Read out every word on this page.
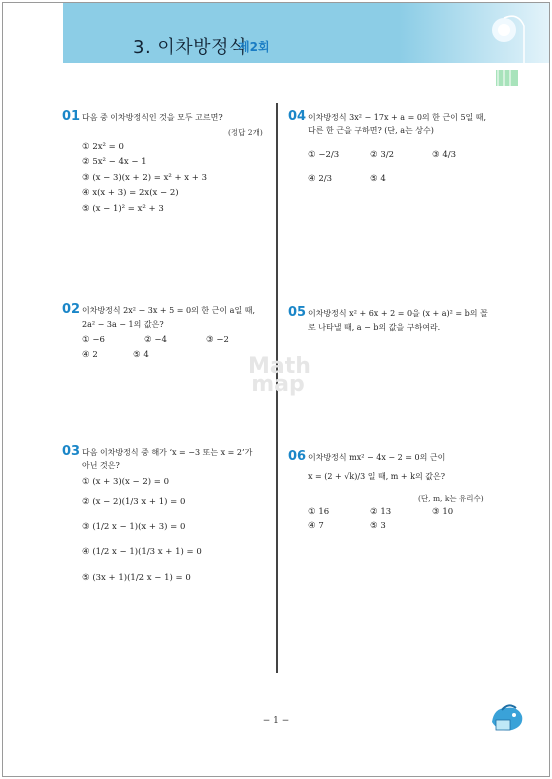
3. 이차방정식
제2회
01 다음 중 이차방정식인 것을 모두 고르면?
(정답 2개)
① 2x² = 0
② 5x² − 4x − 1
③ (x − 3)(x + 2) = x² + x + 3
④ x(x + 3) = 2x(x − 2)
⑤ (x − 1)² = x² + 3
02 이차방정식 2x² − 3x + 5 = 0의 한 근이 a일 때,
2a² − 3a − 1의 값은?
① −6	② −4	③ −2
④ 2	⑤ 4
03 다음 이차방정식 중 해가 ‘x = −3 또는 x = 2’가
아닌 것은?
① (x + 3)(x − 2) = 0
② (x − 2)(1/3 x + 1) = 0
③ (1/2 x − 1)(x + 3) = 0
④ (1/2 x − 1)(1/3 x + 1) = 0
⑤ (3x + 1)(1/2 x − 1) = 0
04 이차방정식 3x² − 17x + a = 0의 한 근이 5일 때,
다른 한 근을 구하면? (단, a는 상수)
① −2/3	② 3/2	③ 4/3
④ 2/3	⑤ 4
05 이차방정식 x² + 6x + 2 = 0을 (x + a)² = b의 꼴
로 나타낼 때, a − b의 값을 구하여라.
06 이차방정식 mx² − 4x − 2 = 0의 근이
x = (2 + √k)/3 일 때, m + k의 값은?
(단, m, k는 유리수)
① 16	② 13	③ 10
④ 7	⑤ 3
Math map
− 1 −
